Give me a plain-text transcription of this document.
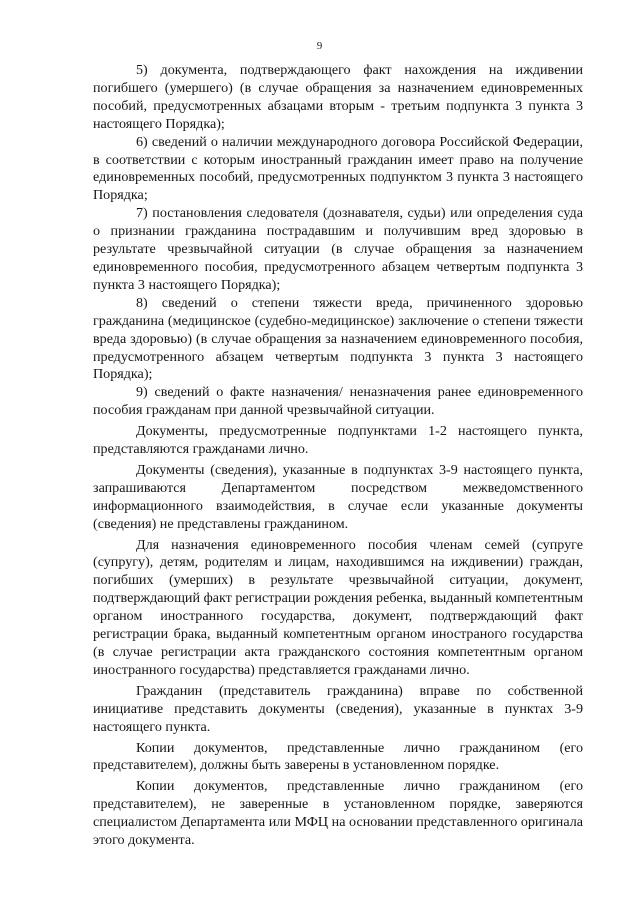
9

5) документа, подтверждающего факт нахождения на иждивении погибшего (умершего) (в случае обращения за назначением единовременных пособий, предусмотренных абзацами вторым - третьим подпункта 3 пункта 3 настоящего Порядка);

6) сведений о наличии международного договора Российской Федерации, в соответствии с которым иностранный гражданин имеет право на получение единовременных пособий, предусмотренных подпунктом 3 пункта 3 настоящего Порядка;

7) постановления следователя (дознавателя, судьи) или определения суда о признании гражданина пострадавшим и получившим вред здоровью в результате чрезвычайной ситуации (в случае обращения за назначением единовременного пособия, предусмотренного абзацем четвертым подпункта 3 пункта 3 настоящего Порядка);

8) сведений о степени тяжести вреда, причиненного здоровью гражданина (медицинское (судебно-медицинское) заключение о степени тяжести вреда здоровью) (в случае обращения за назначением единовременного пособия, предусмотренного абзацем четвертым подпункта 3 пункта 3 настоящего Порядка);

9) сведений о факте назначения/ неназначения ранее единовременного пособия гражданам при данной чрезвычайной ситуации.

Документы, предусмотренные подпунктами 1-2 настоящего пункта, представляются гражданами лично.

Документы (сведения), указанные в подпунктах 3-9 настоящего пункта, запрашиваются Департаментом посредством межведомственного информационного взаимодействия, в случае если указанные документы (сведения) не представлены гражданином.

Для назначения единовременного пособия членам семей (супруге (супругу), детям, родителям и лицам, находившимся на иждивении) граждан, погибших (умерших) в результате чрезвычайной ситуации, документ, подтверждающий факт регистрации рождения ребенка, выданный компетентным органом иностранного государства, документ, подтверждающий факт регистрации брака, выданный компетентным органом иностраного государства (в случае регистрации акта гражданского состояния компетентным органом иностранного государства) представляется гражданами лично.

Гражданин (представитель гражданина) вправе по собственной инициативе представить документы (сведения), указанные в пунктах 3-9 настоящего пункта.

Копии документов, представленные лично гражданином (его представителем), должны быть заверены в установленном порядке.

Копии документов, представленные лично гражданином (его представителем), не заверенные в установленном порядке, заверяются специалистом Департамента или МФЦ на основании представленного оригинала этого документа.
